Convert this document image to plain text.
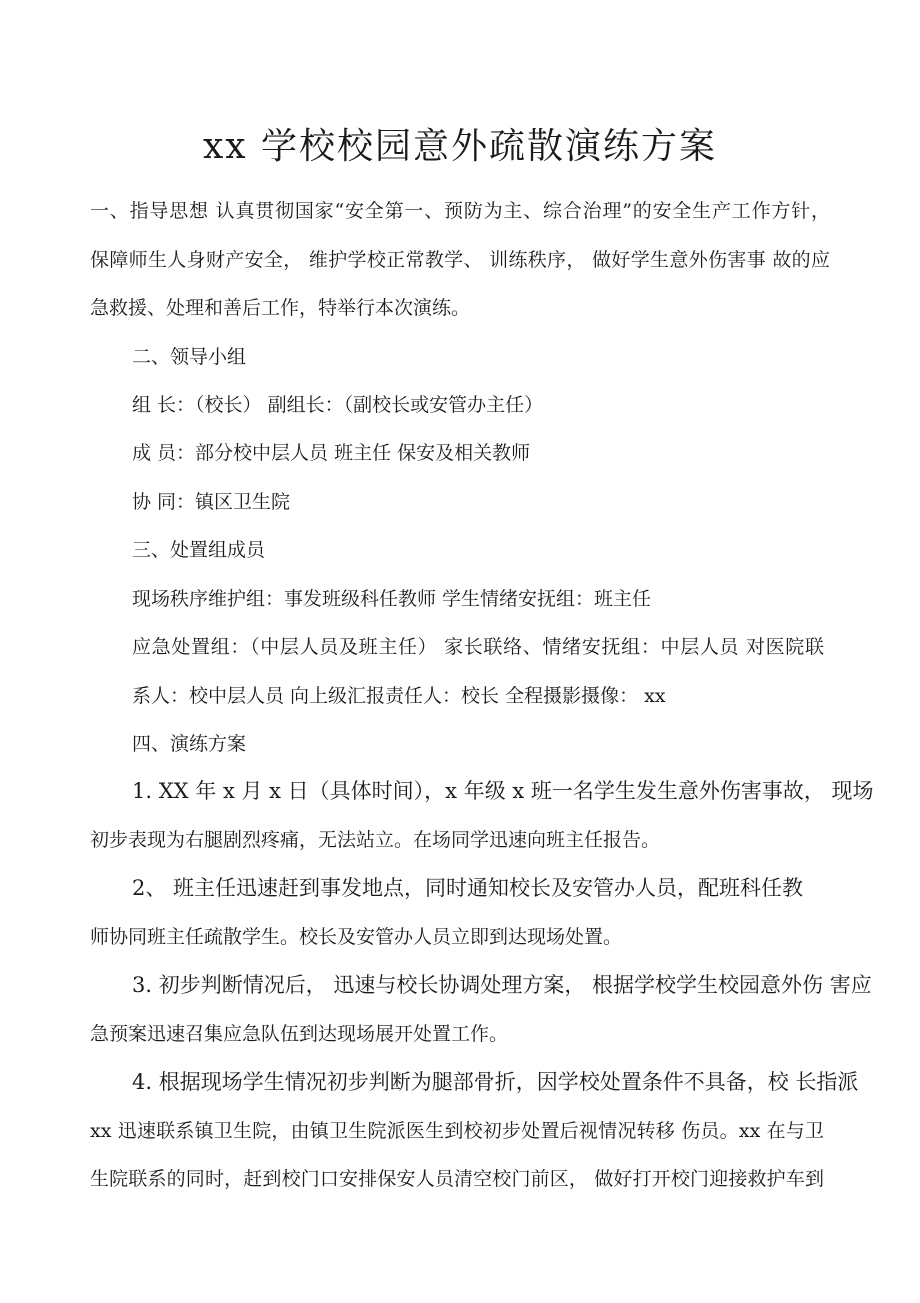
xx 学校校园意外疏散演练方案
一、指导思想 认真贯彻国家“安全第一、预防为主、综合治理”的安全生产工作方针，
保障师生人身财产安全， 维护学校正常教学、 训练秩序， 做好学生意外伤害事 故的应
急救援、处理和善后工作，特举行本次演练。
二、领导小组
组 长：（校长） 副组长：（副校长或安管办主任）
成 员：部分校中层人员 班主任 保安及相关教师
协 同：镇区卫生院
三、处置组成员
现场秩序维护组：事发班级科任教师 学生情绪安抚组：班主任
应急处置组：（中层人员及班主任） 家长联络、情绪安抚组：中层人员 对医院联
系人：校中层人员 向上级汇报责任人：校长 全程摄影摄像： xx
四、演练方案
1. XX 年 x 月 x 日（具体时间），x 年级 x 班一名学生发生意外伤害事故， 现场
初步表现为右腿剧烈疼痛，无法站立。在场同学迅速向班主任报告。
2、 班主任迅速赶到事发地点，同时通知校长及安管办人员，配班科任教
师协同班主任疏散学生。校长及安管办人员立即到达现场处置。
3. 初步判断情况后， 迅速与校长协调处理方案， 根据学校学生校园意外伤 害应
急预案迅速召集应急队伍到达现场展开处置工作。
4. 根据现场学生情况初步判断为腿部骨折，因学校处置条件不具备，校 长指派
xx 迅速联系镇卫生院，由镇卫生院派医生到校初步处置后视情况转移 伤员。xx 在与卫
生院联系的同时，赶到校门口安排保安人员清空校门前区， 做好打开校门迎接救护车到
